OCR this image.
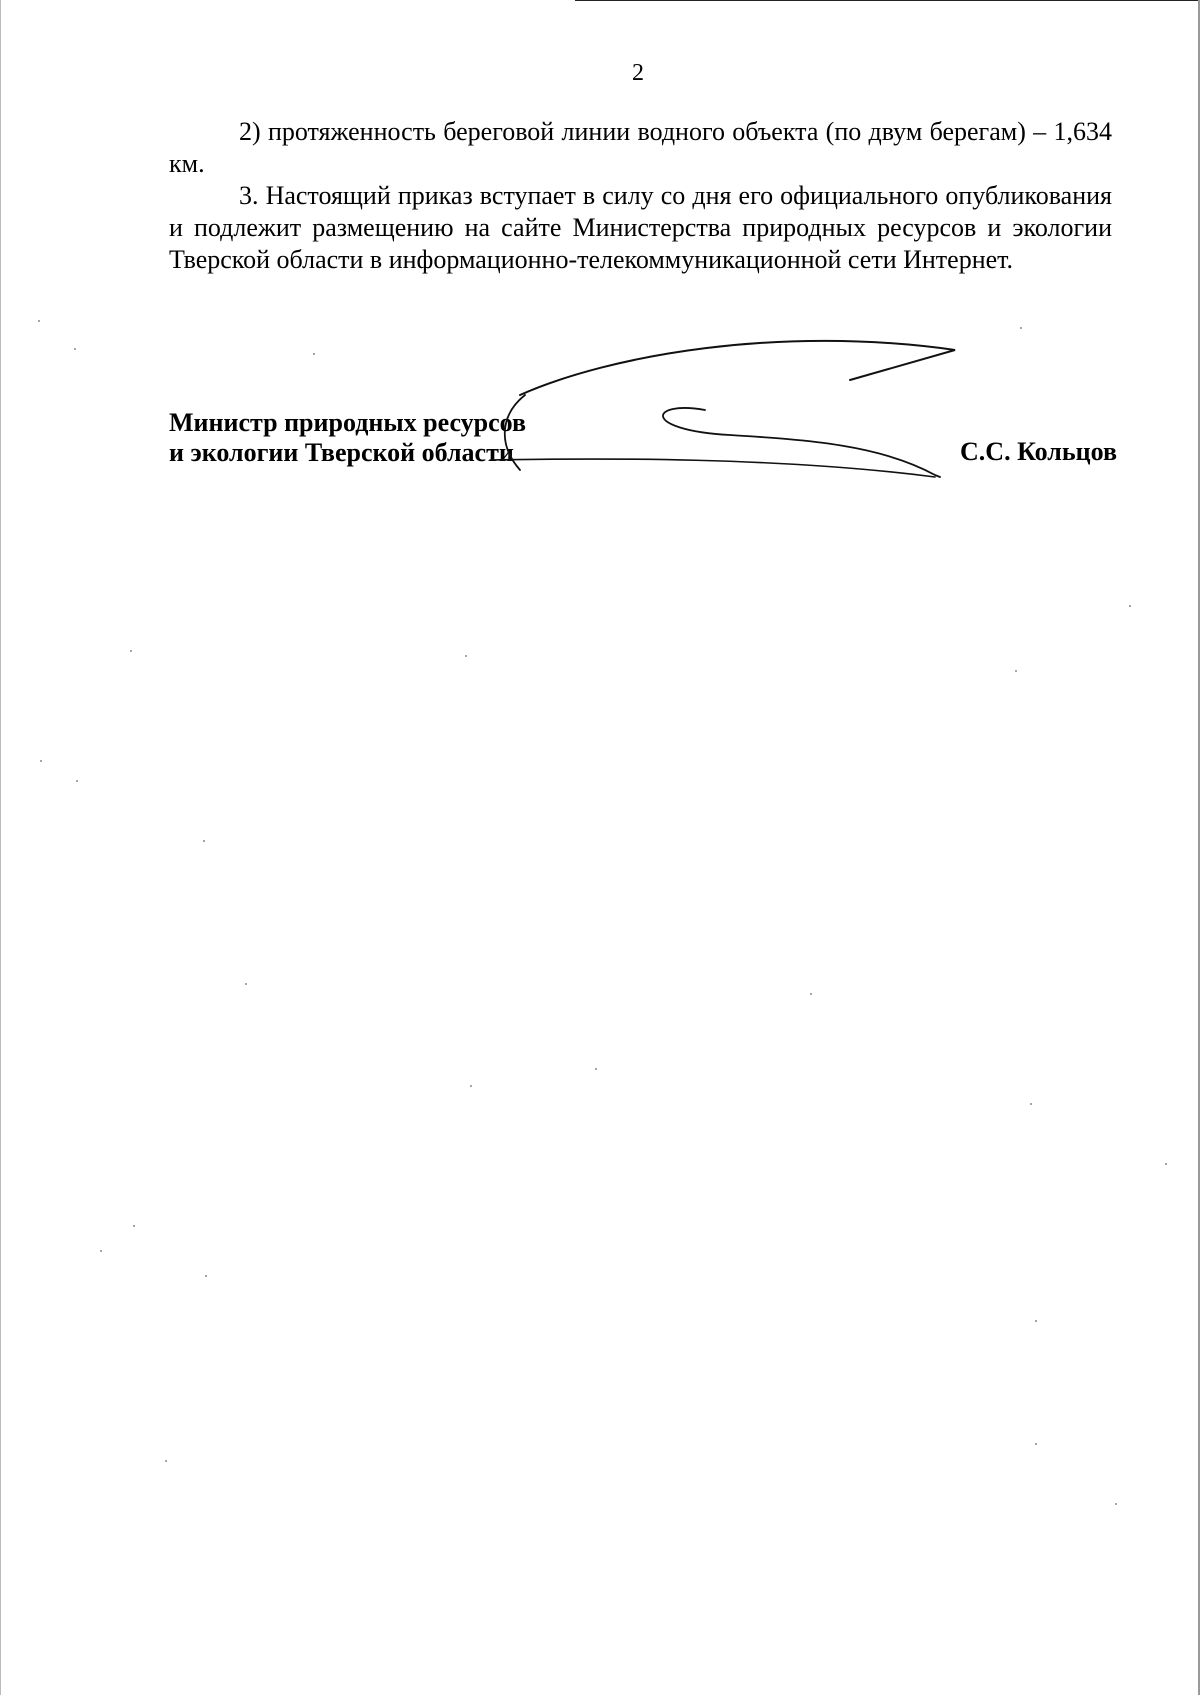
2

2) протяженность береговой линии водного объекта (по двум берегам) – 1,634 км.

3. Настоящий приказ вступает в силу со дня его официального опубликования и подлежит размещению на сайте Министерства природных ресурсов и экологии Тверской области в информационно-телекоммуникационной сети Интернет.

Министр природных ресурсов
и экологии Тверской области	С.С. Кольцов
